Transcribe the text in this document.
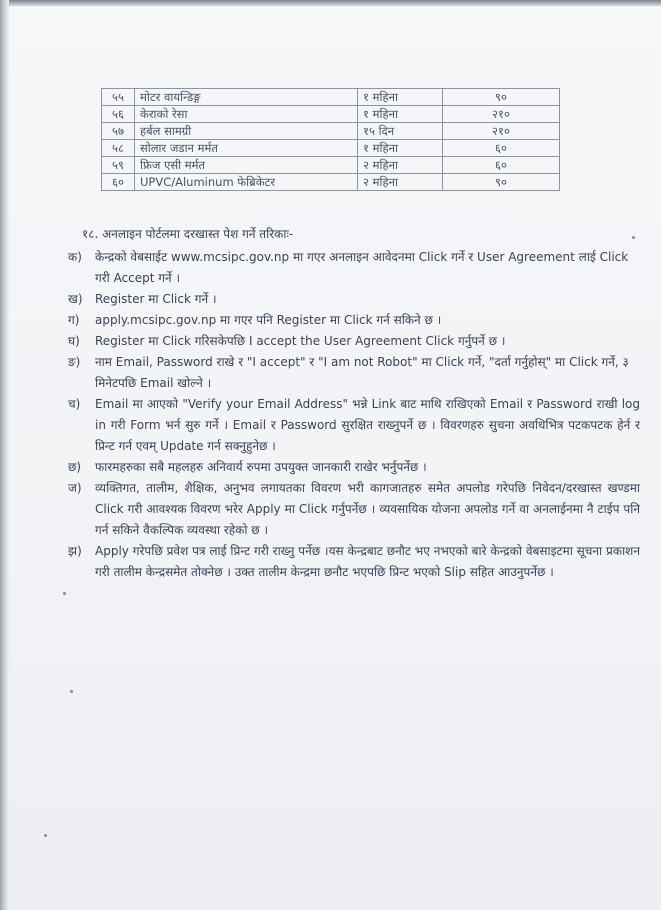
५५	मोटर वायन्डिङ्ग	१ महिना	९०
५६	केराको रेसा	१ महिना	२१०
५७	हर्बल सामग्री	१५ दिन	२१०
५८	सोलार जडान मर्मत	१ महिना	६०
५९	फ्रिज एसी मर्मत	२ महिना	६०
६०	UPVC/Aluminum फेब्रिकेटर	२ महिना	९०

१८. अनलाइन पोर्टलमा दरखास्त पेश गर्ने तरिकाः-

क) केन्द्रको वेबसाईट www.mcsipc.gov.np मा गएर अनलाइन आवेदनमा Click गर्ने र User Agreement लाई Click गरी Accept गर्ने ।

ख) Register मा Click गर्ने ।

ग) apply.mcsipc.gov.np मा गएर पनि Register मा Click गर्न सकिने छ ।

घ) Register मा Click गरिसकेपछि I accept the User Agreement Click गर्नुपर्ने छ ।

ङ) नाम Email, Password राखे र "I accept" र "I am not Robot" मा Click गर्ने, "दर्ता गर्नुहोस्" मा Click गर्ने, ३ मिनेटपछि Email खोल्ने ।

च) Email मा आएको "Verify your Email Address" भन्ने Link बाट माथि राखिएको Email र Password राखी log in गरी Form भर्न सुरु गर्ने । Email र Password सुरक्षित राख्नुपर्ने छ । विवरणहरु सुचना अवधिभित्र पटकपटक हेर्न र प्रिन्ट गर्न एवम् Update गर्न सक्नुहुनेछ ।

छ) फारमहरुका सबै महलहरु अनिवार्य रुपमा उपयुक्त जानकारी राखेर भर्नुपर्नेछ ।

ज) व्यक्तिगत, तालीम, शैक्षिक, अनुभव लगायतका विवरण भरी कागजातहरु समेत अपलोड गरेपछि निवेदन/दरखास्त खण्डमा Click गरी आवश्यक विवरण भरेर Apply मा Click गर्नुपर्नेछ । व्यवसायिक योजना अपलोड गर्ने वा अनलाईनमा नै टाईप पनि गर्न सकिने वैकल्पिक व्यवस्था रहेको छ ।

झ) Apply गरेपछि प्रवेश पत्र लाई प्रिन्ट गरी राख्नु पर्नेछ ।यस केन्द्रबाट छनौट भए नभएको बारे केन्द्रको वेबसाइटमा सूचना प्रकाशन गरी तालीम केन्द्रसमेत तोक्नेछ । उक्त तालीम केन्द्रमा छनौट भएपछि प्रिन्ट भएको Slip सहित आउनुपर्नेछ ।
